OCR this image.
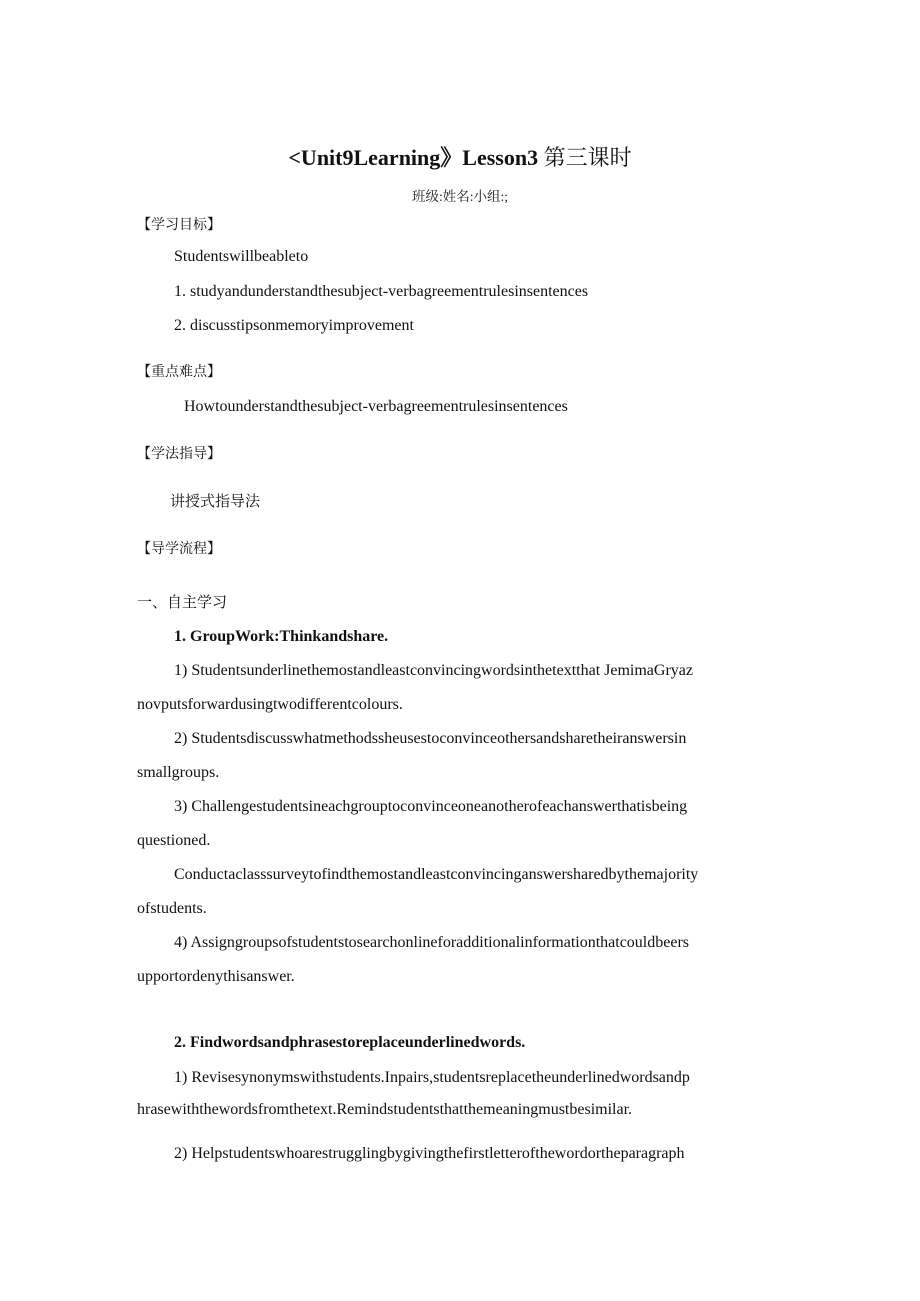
<Unit9Learning》Lesson3 第三课时
班级:姓名:小组:;
【学习目标】
Studentswillbeableto
1. studyandunderstandthesubject-verbagreementrulesinsentences
2. discusstipsonmemoryimprovement
【重点难点】
Howtounderstandthesubject-verbagreementrulesinsentences
【学法指导】
讲授式指导法
【导学流程】
一、自主学习
1. GroupWork:Thinkandshare.
1) Studentsunderlinethemostandleastconvincingwordsinthetextthat JemimaGryaz
novputsforwardusingtwodifferentcolours.
2) Studentsdiscusswhatmethodssheusestoconvinceothersandsharetheiranswersin
smallgroups.
3) Challengestudentsineachgrouptoconvinceoneanotherofeachanswerthatisbeing
questioned.
Conductaclasssurveytofindthemostandleastconvincinganswersharedbythemajority
ofstudents.
4) Assigngroupsofstudentstosearchonlineforadditionalinformationthatcouldbeers
upportordenythisanswer.
2. Findwordsandphrasestoreplaceunderlinedwords.
1) Revisesynonymswithstudents.Inpairs,studentsreplacetheunderlinedwordsandp
hrasewiththewordsfromthetext.Remindstudentsthatthemeaningmustbesimilar.
2) Helpstudentswhoarestrugglingbygivingthefirstletterofthewordortheparagraph
